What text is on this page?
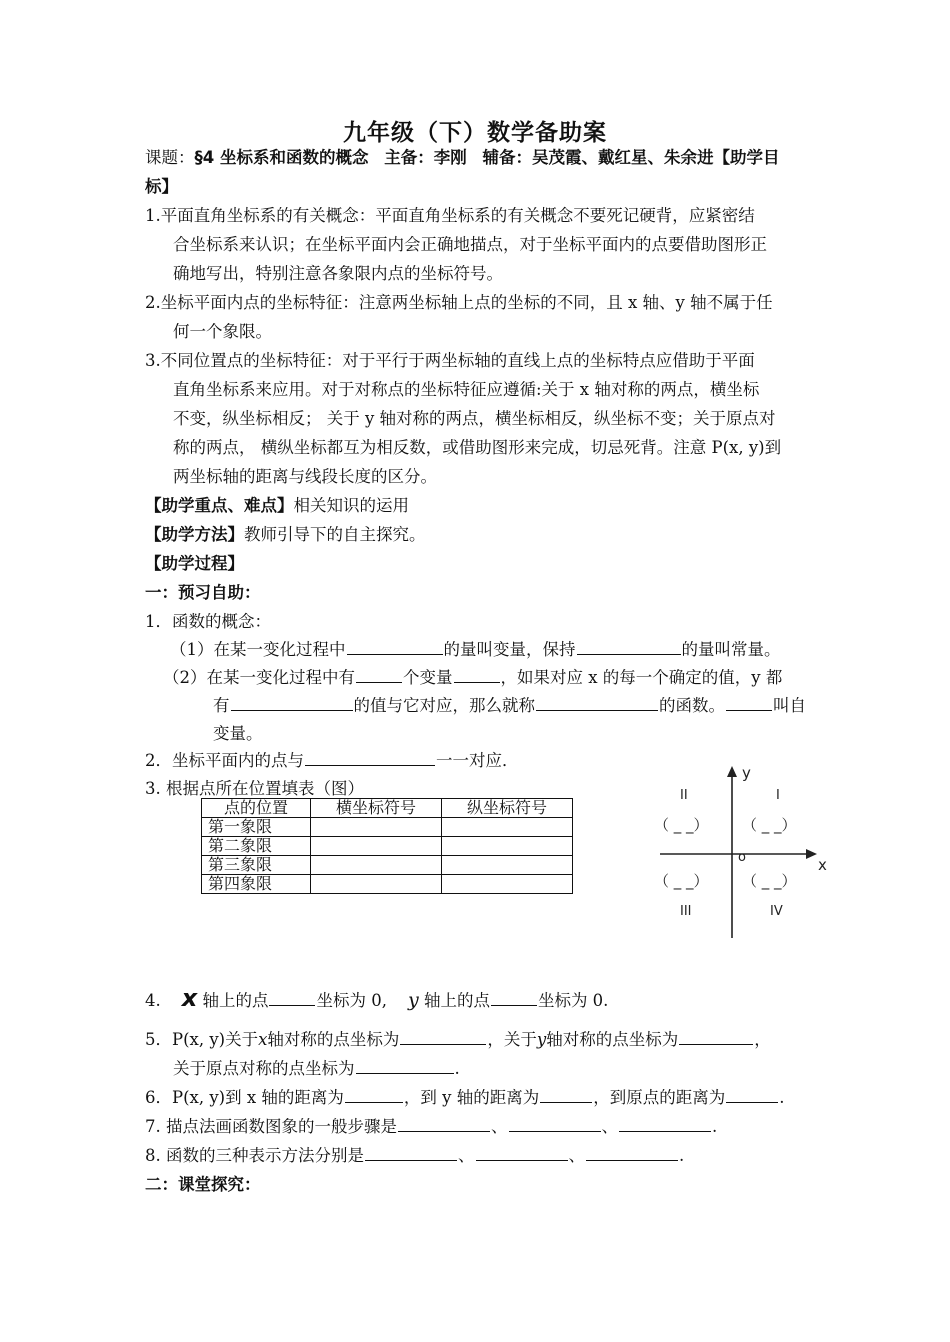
九年级（下）数学备助案
课题：§4 坐标系和函数的概念 主备：李刚 辅备：吴茂霞、戴红星、朱余进【助学目
标】
1.平面直角坐标系的有关概念：平面直角坐标系的有关概念不要死记硬背，应紧密结
合坐标系来认识；在坐标平面内会正确地描点，对于坐标平面内的点要借助图形正
确地写出，特别注意各象限内点的坐标符号。
2.坐标平面内点的坐标特征：注意两坐标轴上点的坐标的不同，且 x 轴、y 轴不属于任
何一个象限。
3.不同位置点的坐标特征：对于平行于两坐标轴的直线上点的坐标特点应借助于平面
直角坐标系来应用。对于对称点的坐标特征应遵循:关于 x 轴对称的两点，横坐标
不变，纵坐标相反； 关于 y 轴对称的两点，横坐标相反，纵坐标不变；关于原点对
称的两点， 横纵坐标都互为相反数，或借助图形来完成，切忌死背。注意 P(x, y)到
两坐标轴的距离与线段长度的区分。
【助学重点、难点】相关知识的运用
【助学方法】教师引导下的自主探究。
【助学过程】
一：预习自助：
1．函数的概念：
（1）在某一变化过程中	的量叫变量，保持	的量叫常量。
（2）在某一变化过程中有	个变量	，如果对应 x 的每一个确定的值，y 都
有	的值与它对应，那么就称	的函数。	叫自
变量。
2．坐标平面内的点与	一一对应．
3. 根据点所在位置填表（图）
点的位置	横坐标符号	纵坐标符号
第一象限		
第二象限		
第三象限		
第四象限		
y
x
o
II	I
III	IV
（ _ _） （ _ _）
（ _ _） （ _ _）
4. x 轴上的点	坐标为 0, y 轴上的点	坐标为 0.
5．P(x, y)关于x轴对称的点坐标为	，关于y轴对称的点坐标为	，
关于原点对称的点坐标为	.
6．P(x, y)到 x 轴的距离为	，到 y 轴的距离为	，到原点的距离为	.
7. 描点法画函数图象的一般步骤是	、	、	.
8. 函数的三种表示方法分别是	、	、	.
二：课堂探究：
